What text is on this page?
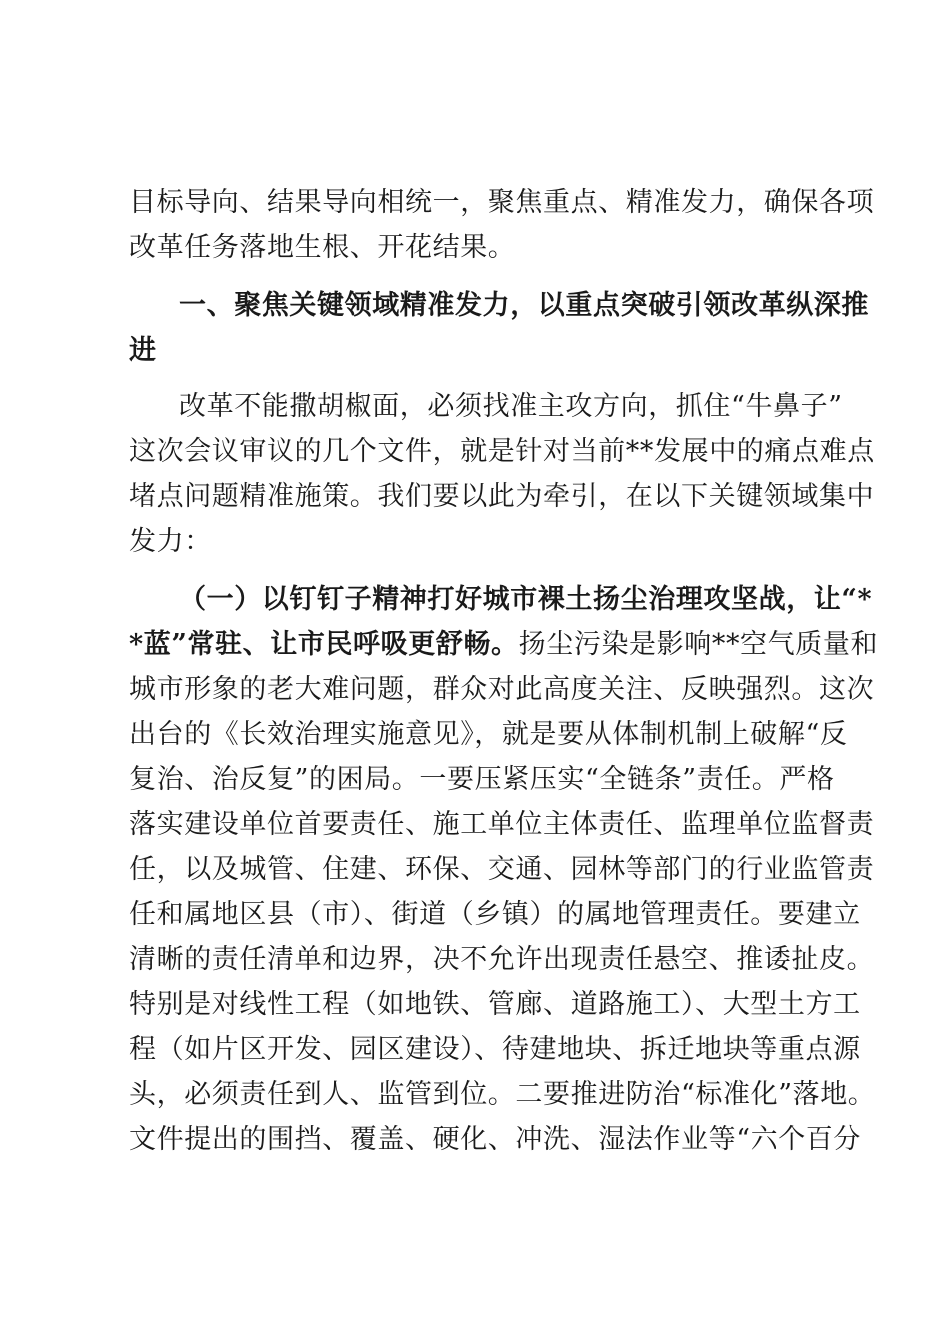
目标导向、结果导向相统一，聚焦重点、精准发力，确保各项
改革任务落地生根、开花结果。
一、聚焦关键领域精准发力，以重点突破引领改革纵深推
进
改革不能撒胡椒面，必须找准主攻方向，抓住“牛鼻子”
这次会议审议的几个文件，就是针对当前**发展中的痛点难点
堵点问题精准施策。我们要以此为牵引，在以下关键领域集中
发力：
（一）以钉钉子精神打好城市裸土扬尘治理攻坚战，让“*
*蓝”常驻、让市民呼吸更舒畅。扬尘污染是影响**空气质量和
城市形象的老大难问题，群众对此高度关注、反映强烈。这次
出台的《长效治理实施意见》，就是要从体制机制上破解“反
复治、治反复”的困局。一要压紧压实“全链条”责任。严格
落实建设单位首要责任、施工单位主体责任、监理单位监督责
任，以及城管、住建、环保、交通、园林等部门的行业监管责
任和属地区县（市）、街道（乡镇）的属地管理责任。要建立
清晰的责任清单和边界，决不允许出现责任悬空、推诿扯皮。
特别是对线性工程（如地铁、管廊、道路施工）、大型土方工
程（如片区开发、园区建设）、待建地块、拆迁地块等重点源
头，必须责任到人、监管到位。二要推进防治“标准化”落地。
文件提出的围挡、覆盖、硬化、冲洗、湿法作业等“六个百分
